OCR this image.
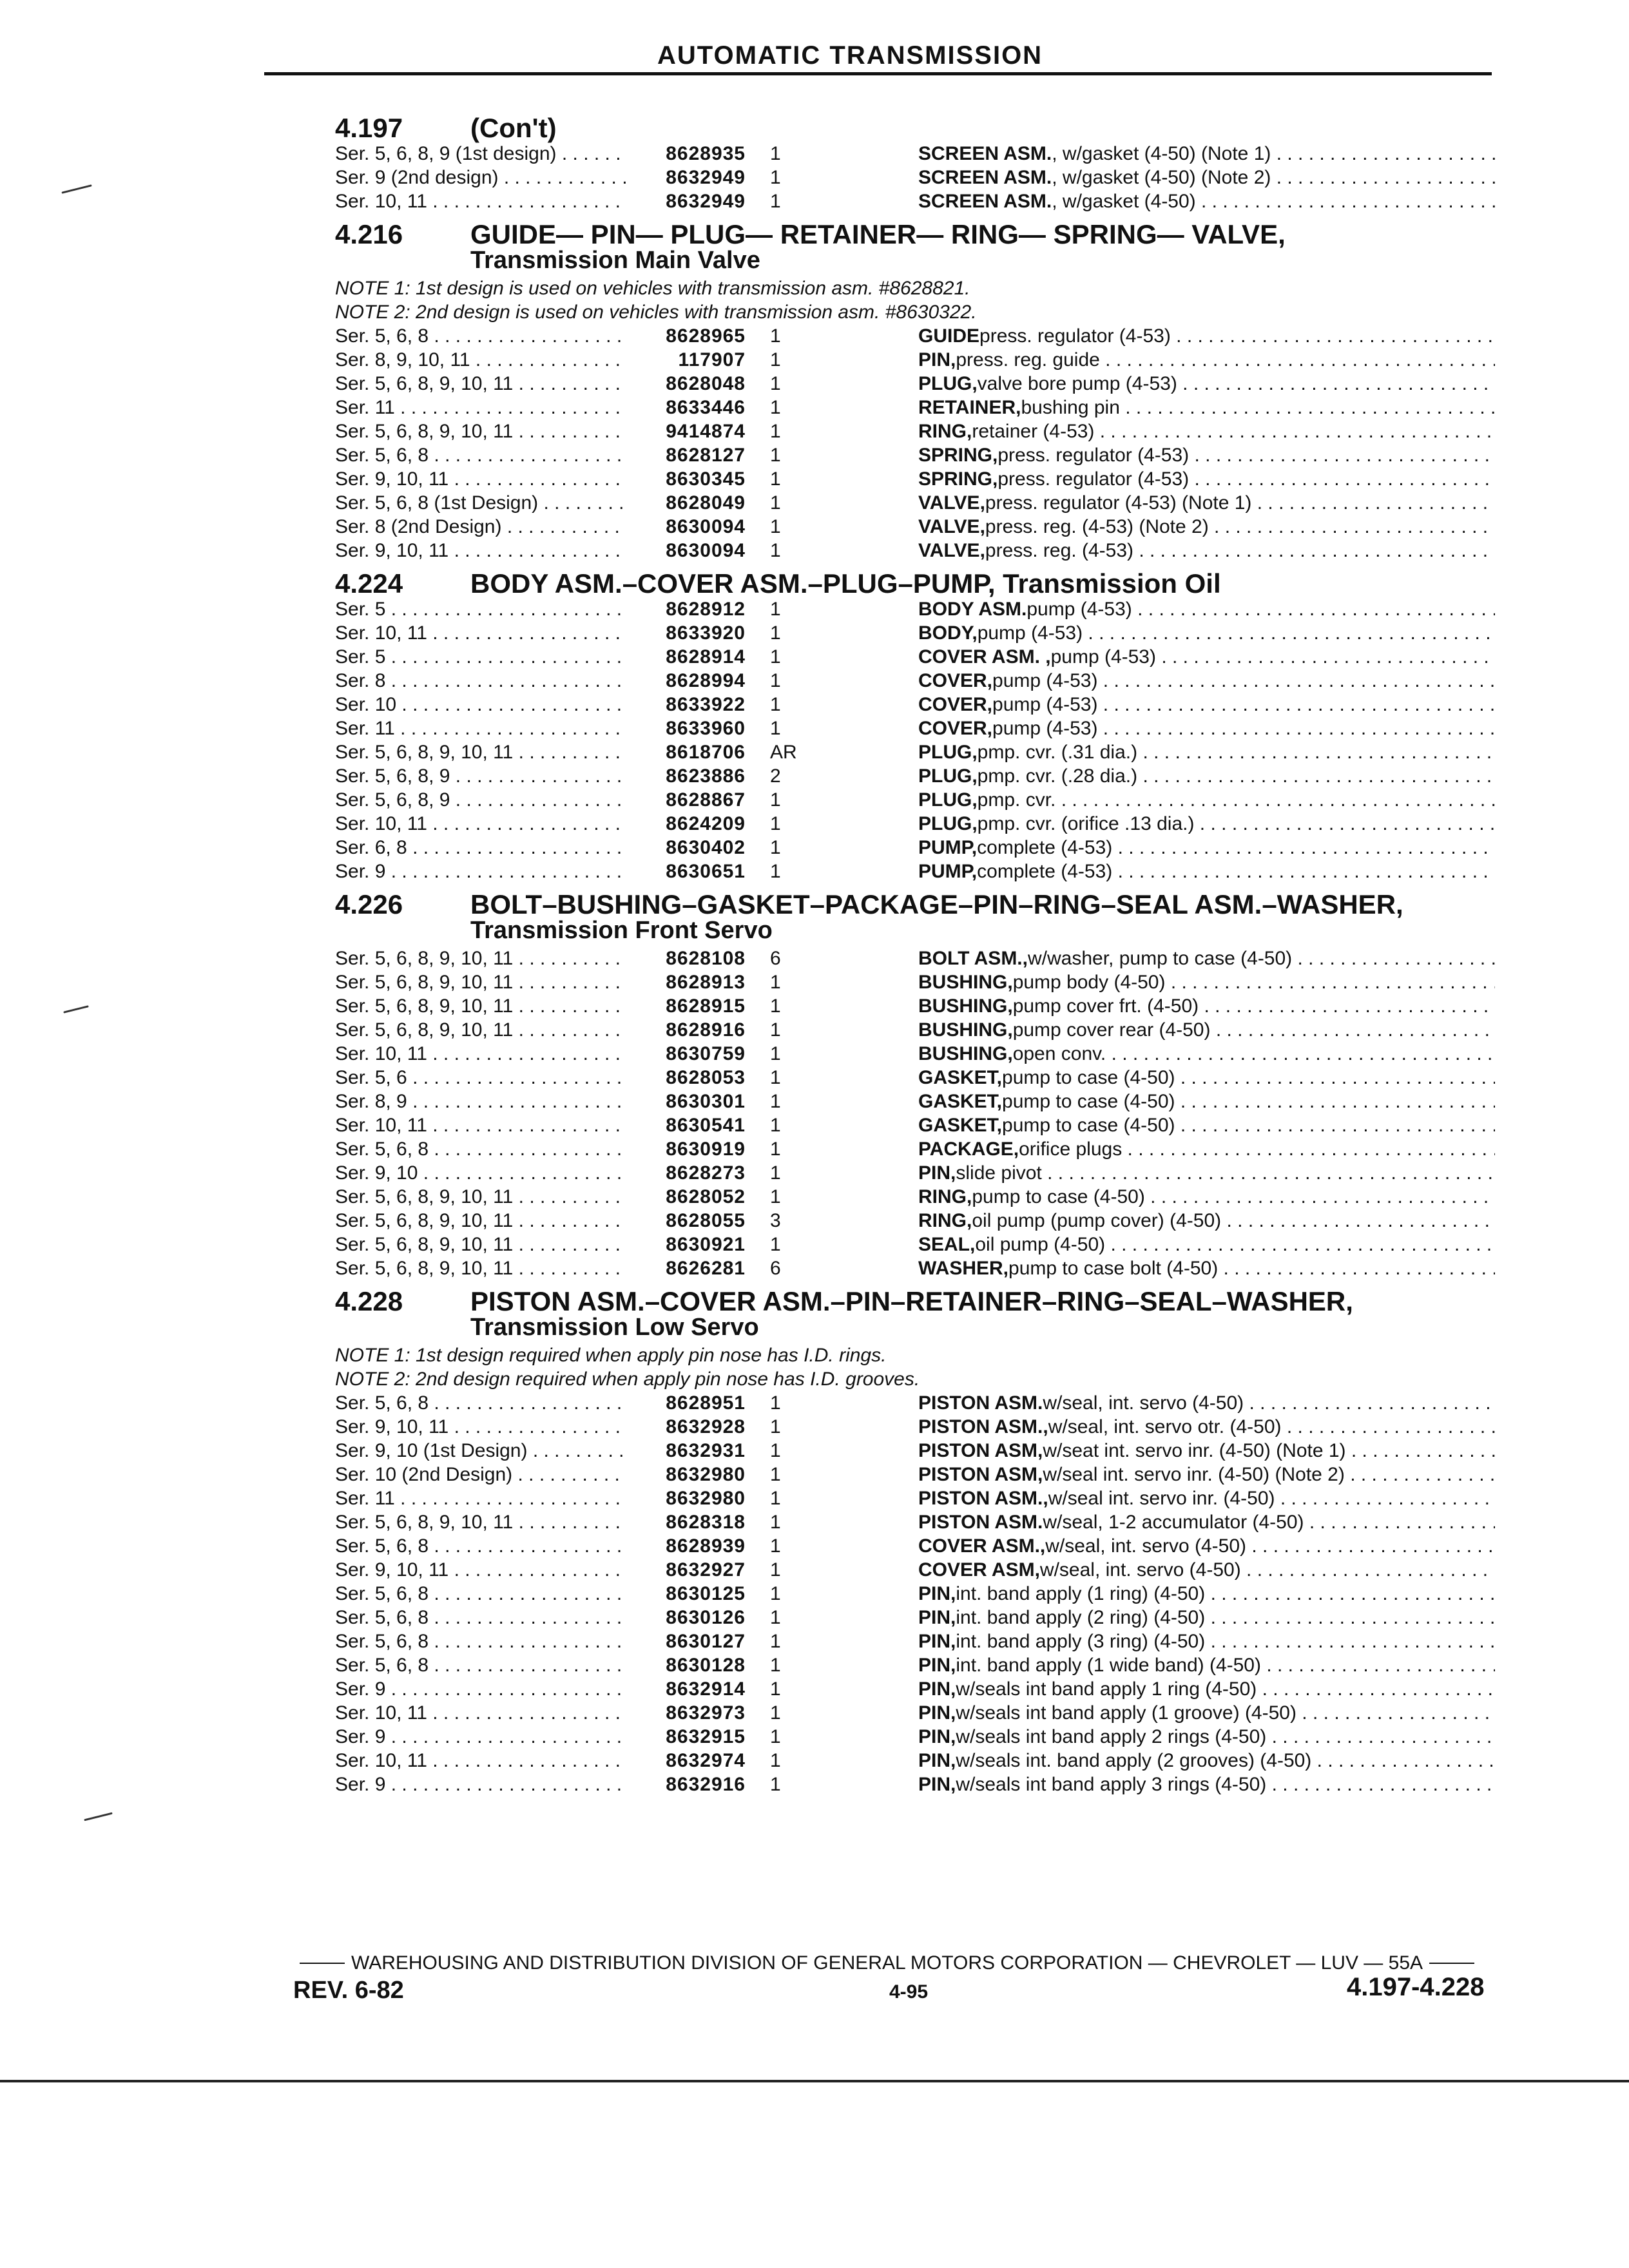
AUTOMATIC TRANSMISSION
4.197	(Con't)
Ser. 5, 6, 8, 9 (1st design) . . .	8628935	1	SCREEN ASM. , w/gasket (4-50) (Note 1) . . .
Ser. 9 (2nd design) . . .	8632949	1	SCREEN ASM. , w/gasket (4-50) (Note 2) . . .
Ser. 10, 11 . . .	8632949	1	SCREEN ASM. , w/gasket (4-50) . . .
4.216	GUIDE— PIN— PLUG— RETAINER— RING— SPRING— VALVE,
Transmission Main Valve
NOTE 1: 1st design is used on vehicles with transmission asm. #8628821.
NOTE 2: 2nd design is used on vehicles with transmission asm. #8630322.
Ser. 5, 6, 8 . . .	8628965	1	GUIDE press. regulator (4-53) . . .
Ser. 8, 9, 10, 11 . . .	117907	1	PIN, press. reg. guide . . .
Ser. 5, 6, 8, 9, 10, 11 . . .	8628048	1	PLUG, valve bore pump (4-53) . . .
Ser. 11 . . .	8633446	1	RETAINER, bushing pin . . .
Ser. 5, 6, 8, 9, 10, 11 . . .	9414874	1	RING, retainer (4-53) . . .
Ser. 5, 6, 8 . . .	8628127	1	SPRING, press. regulator (4-53) . . .
Ser. 9, 10, 11 . . .	8630345	1	SPRING, press. regulator (4-53) . . .
Ser. 5, 6, 8 (1st Design) . . .	8628049	1	VALVE, press. regulator (4-53) (Note 1) . . .
Ser. 8 (2nd Design) . . .	8630094	1	VALVE, press. reg. (4-53) (Note 2) . . .
Ser. 9, 10, 11 . . .	8630094	1	VALVE, press. reg. (4-53) . . .
4.224	BODY ASM.–COVER ASM.–PLUG–PUMP, Transmission Oil
Ser. 5 . . .	8628912	1	BODY ASM. pump (4-53) . . .
Ser. 10, 11 . . .	8633920	1	BODY, pump (4-53) . . .
Ser. 5 . . .	8628914	1	COVER ASM. , pump (4-53) . . .
Ser. 8 . . .	8628994	1	COVER, pump (4-53) . . .
Ser. 10 . . .	8633922	1	COVER, pump (4-53) . . .
Ser. 11 . . .	8633960	1	COVER, pump (4-53) . . .
Ser. 5, 6, 8, 9, 10, 11 . . .	8618706	AR	PLUG, pmp. cvr. (.31 dia.) . . .
Ser. 5, 6, 8, 9 . . .	8623886	2	PLUG, pmp. cvr. (.28 dia.) . . .
Ser. 5, 6, 8, 9 . . .	8628867	1	PLUG, pmp. cvr. . . .
Ser. 10, 11 . . .	8624209	1	PLUG, pmp. cvr. (orifice .13 dia.) . . .
Ser. 6, 8 . . .	8630402	1	PUMP, complete (4-53) . . .
Ser. 9 . . .	8630651	1	PUMP, complete (4-53) . . .
4.226	BOLT–BUSHING–GASKET–PACKAGE–PIN–RING–SEAL ASM.–WASHER,
Transmission Front Servo
Ser. 5, 6, 8, 9, 10, 11 . . .	8628108	6	BOLT ASM., w/washer, pump to case (4-50) . . .
Ser. 5, 6, 8, 9, 10, 11 . . .	8628913	1	BUSHING, pump body (4-50) . . .
Ser. 5, 6, 8, 9, 10, 11 . . .	8628915	1	BUSHING, pump cover frt. (4-50) . . .
Ser. 5, 6, 8, 9, 10, 11 . . .	8628916	1	BUSHING, pump cover rear (4-50) . . .
Ser. 10, 11 . . .	8630759	1	BUSHING, open conv. . . .
Ser. 5, 6 . . .	8628053	1	GASKET, pump to case (4-50) . . .
Ser. 8, 9 . . .	8630301	1	GASKET, pump to case (4-50) . . .
Ser. 10, 11 . . .	8630541	1	GASKET, pump to case (4-50) . . .
Ser. 5, 6, 8 . . .	8630919	1	PACKAGE, orifice plugs . . .
Ser. 9, 10 . . .	8628273	1	PIN, slide pivot . . .
Ser. 5, 6, 8, 9, 10, 11 . . .	8628052	1	RING, pump to case (4-50) . . .
Ser. 5, 6, 8, 9, 10, 11 . . .	8628055	3	RING, oil pump (pump cover) (4-50) . . .
Ser. 5, 6, 8, 9, 10, 11 . . .	8630921	1	SEAL, oil pump (4-50) . . .
Ser. 5, 6, 8, 9, 10, 11 . . .	8626281	6	WASHER, pump to case bolt (4-50) . . .
4.228	PISTON ASM.–COVER ASM.–PIN–RETAINER–RING–SEAL–WASHER,
Transmission Low Servo
NOTE 1: 1st design required when apply pin nose has I.D. rings.
NOTE 2: 2nd design required when apply pin nose has I.D. grooves.
Ser. 5, 6, 8 . . .	8628951	1	PISTON ASM. w/seal, int. servo (4-50) . . .
Ser. 9, 10, 11 . . .	8632928	1	PISTON ASM., w/seal, int. servo otr. (4-50) . . .
Ser. 9, 10 (1st Design) . . .	8632931	1	PISTON ASM, w/seat int. servo inr. (4-50) (Note 1) . . .
Ser. 10 (2nd Design) . . .	8632980	1	PISTON ASM, w/seal int. servo inr. (4-50) (Note 2) . . .
Ser. 11 . . .	8632980	1	PISTON ASM., w/seal int. servo inr. (4-50) . . .
Ser. 5, 6, 8, 9, 10, 11 . . .	8628318	1	PISTON ASM. w/seal, 1-2 accumulator (4-50) . . .
Ser. 5, 6, 8 . . .	8628939	1	COVER ASM., w/seal, int. servo (4-50) . . .
Ser. 9, 10, 11 . . .	8632927	1	COVER ASM, w/seal, int. servo (4-50) . . .
Ser. 5, 6, 8 . . .	8630125	1	PIN, int. band apply (1 ring) (4-50) . . .
Ser. 5, 6, 8 . . .	8630126	1	PIN, int. band apply (2 ring) (4-50) . . .
Ser. 5, 6, 8 . . .	8630127	1	PIN, int. band apply (3 ring) (4-50) . . .
Ser. 5, 6, 8 . . .	8630128	1	PIN, int. band apply (1 wide band) (4-50) . . .
Ser. 9 . . .	8632914	1	PIN, w/seals int band apply 1 ring (4-50) . . .
Ser. 10, 11 . . .	8632973	1	PIN, w/seals int band apply (1 groove) (4-50) . . .
Ser. 9 . . .	8632915	1	PIN, w/seals int band apply 2 rings (4-50) . . .
Ser. 10, 11 . . .	8632974	1	PIN, w/seals int. band apply (2 grooves) (4-50) . . .
Ser. 9 . . .	8632916	1	PIN, w/seals int band apply 3 rings (4-50) . . .
WAREHOUSING AND DISTRIBUTION DIVISION OF GENERAL MOTORS CORPORATION — CHEVROLET — LUV — 55A
REV. 6-82	4-95	4.197-4.228
